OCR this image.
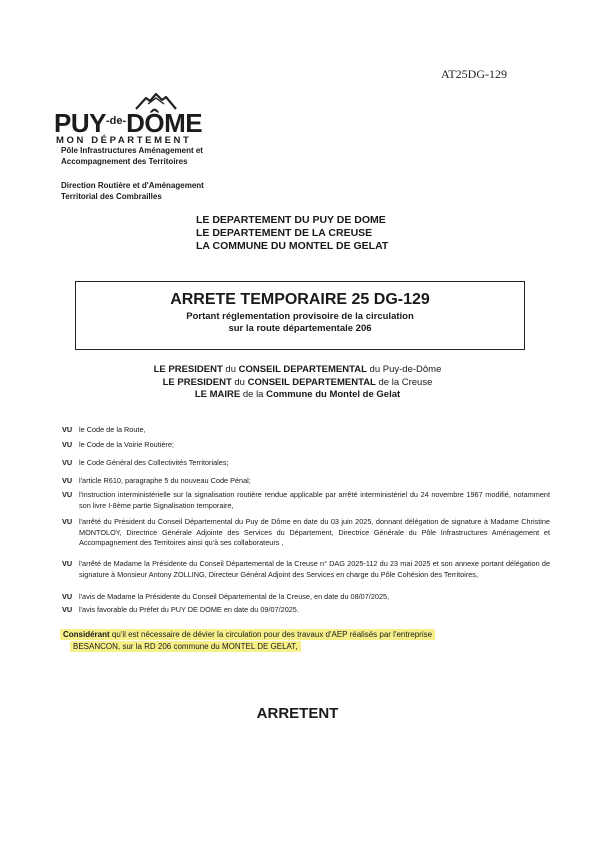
AT25DG-129
$PUY^{-de-}DÔME$
MON DÉPARTEMENT
Pôle Infrastructures Aménagement et
Accompagnement des Territoires
Direction Routière et d'Aménagement
Territorial des Combrailles
LE DEPARTEMENT DU PUY DE DOME
LE DEPARTEMENT DE LA CREUSE
LA COMMUNE DU MONTEL DE GELAT
ARRETE TEMPORAIRE 25 DG-129
Portant réglementation provisoire de la circulation
sur la route départementale 206
LE PRESIDENT du CONSEIL DEPARTEMENTAL du Puy-de-Dôme
LE PRESIDENT du CONSEIL DEPARTEMENTAL de la Creuse
LE MAIRE de la Commune du Montel de Gelat
VU le Code de la Route,
VU le Code de la Voirie Routière;
VU le Code Général des Collectivités Territoriales;
VU l'article R610, paragraphe 5 du nouveau Code Pénal;
VU l'instruction interministérielle sur la signalisation routière rendue applicable par arrêté interministériel du 24 novembre 1967 modifié, notamment son livre I-8ème partie Signalisation temporaire,
VU l'arrêté du Président du Conseil Départemental du Puy de Dôme en date du 03 juin 2025, donnant délégation de signature à Madame Christine MONTOLOY, Directrice Générale Adjointe des Services du Département, Directrice Générale du Pôle Infrastructures Aménagement et Accompagnement des Territoires ainsi qu'à ses collaborateurs ,
VU l'arrêté de Madame la Présidente du Conseil Départemental de la Creuse n° DAG 2025-112 du 23 mai 2025 et son annexe portant délégation de signature à Monsieur Antony ZOLLING, Directeur Général Adjoint des Services en charge du Pôle Cohésion des Territoires,
VU l'avis de Madame la Présidente du Conseil Départemental de la Creuse, en date du 08/07/2025,
VU l'avis favorable du Préfet du PUY DE DOME en date du 09/07/2025.
Considérant qu'il est nécessaire de dévier la circulation pour des travaux d'AEP réalisés par l'entreprise
BESANCON, sur la RD 206 commune du MONTEL DE GELAT,
ARRETENT
